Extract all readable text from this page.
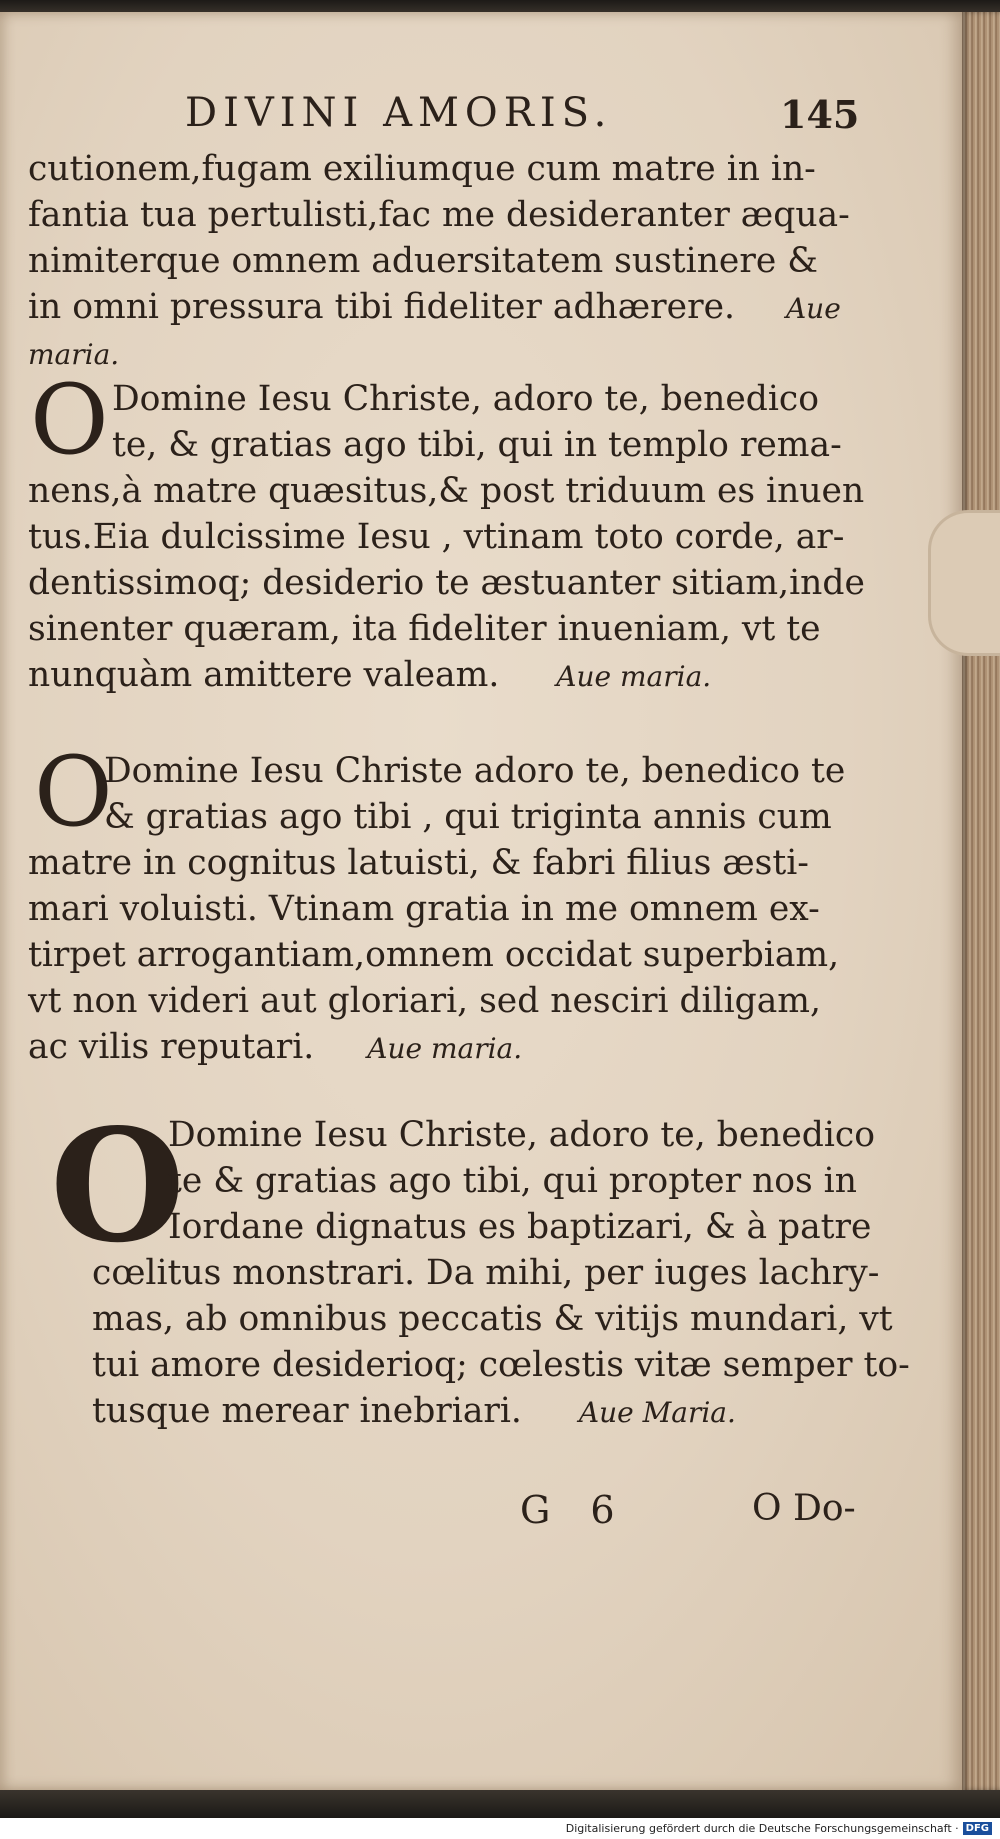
DIVINI AMORIS.	145
cutionem,fugam exiliumque cum matre in in-
fantia tua pertulisti,fac me desideranter æqua-
nimiterque omnem aduersitatem sustinere &
in omni pressura tibi fideliter adhærere. Aue
maria.
O Domine Iesu Christe, adoro te, benedico
te, & gratias ago tibi, qui in templo rema-
nens,à matre quæsitus,& post triduum es inuen
tus.Eia dulcissime Iesu , vtinam toto corde, ar-
dentissimoq; desiderio te æstuanter sitiam,inde
sinenter quæram, ita fideliter inueniam, vt te
nunquàm amittere valeam. Aue maria.
O
Domine Iesu Christe adoro te, benedico te
& gratias ago tibi , qui triginta annis cum
matre in cognitus latuisti, & fabri filius æsti-
mari voluisti. Vtinam gratia in me omnem ex-
tirpet arrogantiam,omnem occidat superbiam,
vt non videri aut gloriari, sed nesciri diligam,
ac vilis reputari. Aue maria.
O
Domine Iesu Christe, adoro te, benedico
te & gratias ago tibi, qui propter nos in
Iordane dignatus es baptizari, & à patre
cœlitus monstrari. Da mihi, per iuges lachry-
mas, ab omnibus peccatis & vitijs mundari, vt
tui amore desiderioq; cœlestis vitæ semper to-
tusque merear inebriari. Aue Maria.
G 6	O Do-
Digitalisierung gefördert durch die Deutsche Forschungsgemeinschaft · DFG
